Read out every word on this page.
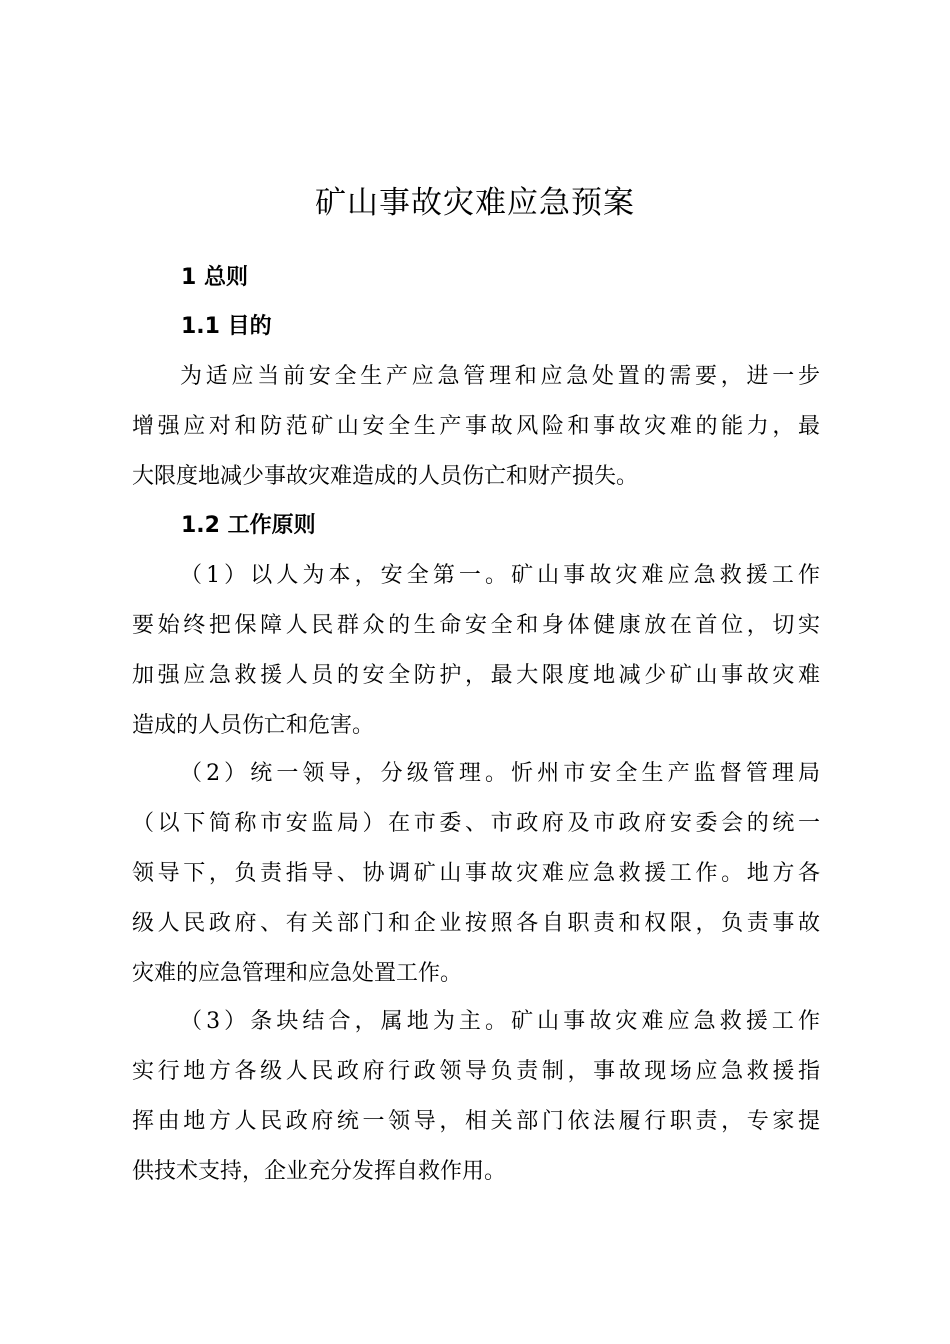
矿山事故灾难应急预案
1 总则
1.1 目的

为适应当前安全生产应急管理和应急处置的需要，进一步
增强应对和防范矿山安全生产事故风险和事故灾难的能力，最
大限度地减少事故灾难造成的人员伤亡和财产损失。

1.2 工作原则

（1）以人为本，安全第一。矿山事故灾难应急救援工作
要始终把保障人民群众的生命安全和身体健康放在首位，切实
加强应急救援人员的安全防护，最大限度地减少矿山事故灾难
造成的人员伤亡和危害。

（2）统一领导，分级管理。忻州市安全生产监督管理局
（以下简称市安监局）在市委、市政府及市政府安委会的统一
领导下，负责指导、协调矿山事故灾难应急救援工作。地方各
级人民政府、有关部门和企业按照各自职责和权限，负责事故
灾难的应急管理和应急处置工作。

（3）条块结合，属地为主。矿山事故灾难应急救援工作
实行地方各级人民政府行政领导负责制，事故现场应急救援指
挥由地方人民政府统一领导，相关部门依法履行职责，专家提
供技术支持，企业充分发挥自救作用。
